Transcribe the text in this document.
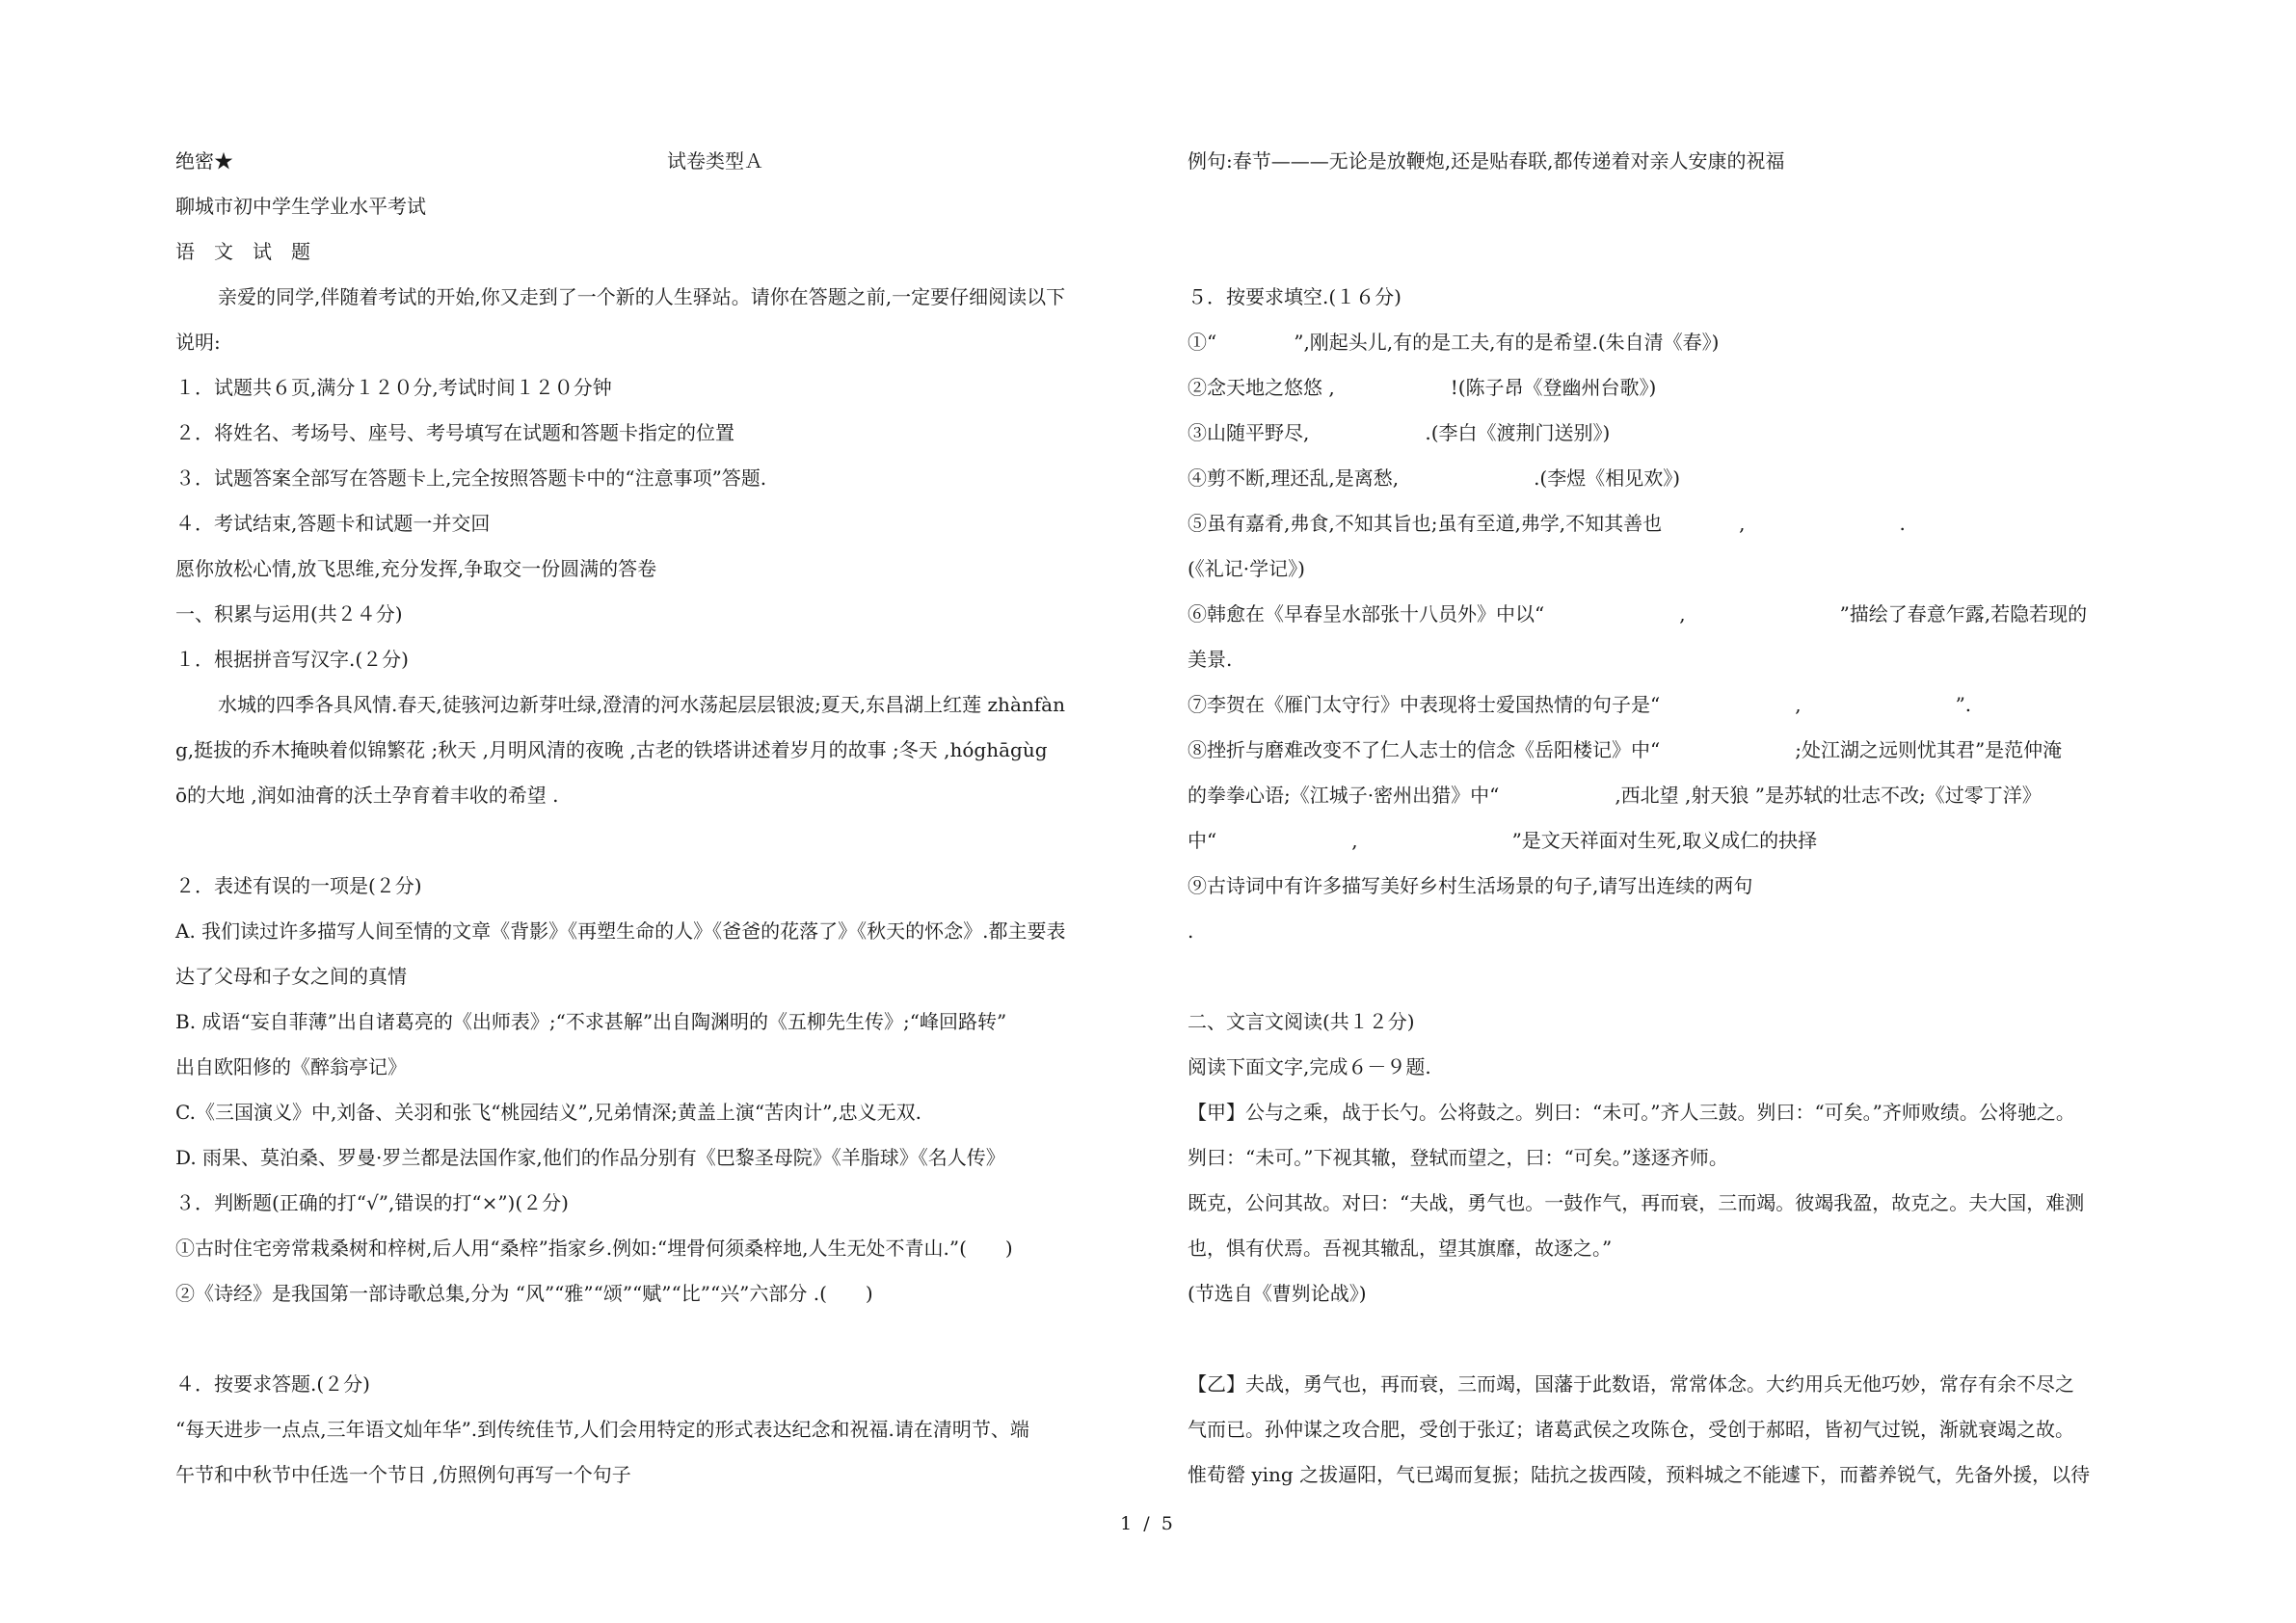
绝密★	试卷类型Ａ
聊城市初中学生学业水平考试
语　文　试　题
亲爱的同学,伴随着考试的开始,你又走到了一个新的人生驿站。请你在答题之前,一定要仔细阅读以下
说明:
１．试题共６页,满分１２０分,考试时间１２０分钟
２．将姓名、考场号、座号、考号填写在试题和答题卡指定的位置
３．试题答案全部写在答题卡上,完全按照答题卡中的“注意事项”答题.
４．考试结束,答题卡和试题一并交回
愿你放松心情,放飞思维,充分发挥,争取交一份圆满的答卷
一、积累与运用(共２４分)
１．根据拼音写汉字.(２分)
水城的四季各具风情.春天,徒骇河边新芽吐绿,澄清的河水荡起层层银波;夏天,东昌湖上红莲 zhànfàn
g,挺拔的乔木掩映着似锦繁花 ;秋天 ,月明风清的夜晚 ,古老的铁塔讲述着岁月的故事 ;冬天 ,hóghāgùg
ō的大地 ,润如油膏的沃土孕育着丰收的希望 .
２．表述有误的一项是(２分)
A. 我们读过许多描写人间至情的文章《背影》《再塑生命的人》《爸爸的花落了》《秋天的怀念》.都主要表
达了父母和子女之间的真情
B. 成语“妄自菲薄”出自诸葛亮的《出师表》;“不求甚解”出自陶渊明的《五柳先生传》;“峰回路转”
出自欧阳修的《醉翁亭记》
C.《三国演义》中,刘备、关羽和张飞“桃园结义”,兄弟情深;黄盖上演“苦肉计”,忠义无双.
D. 雨果、莫泊桑、罗曼·罗兰都是法国作家,他们的作品分别有《巴黎圣母院》《羊脂球》《名人传》
３．判断题(正确的打“√”,错误的打“×”)(２分)
①古时住宅旁常栽桑树和梓树,后人用“桑梓”指家乡.例如:“埋骨何须桑梓地,人生无处不青山.”(　　)
②《诗经》是我国第一部诗歌总集,分为 “风”“雅”“颂”“赋”“比”“兴”六部分 .(　　)
４．按要求答题.(２分)
“每天进步一点点,三年语文灿年华”.到传统佳节,人们会用特定的形式表达纪念和祝福.请在清明节、端
午节和中秋节中任选一个节日 ,仿照例句再写一个句子
例句:春节———无论是放鞭炮,还是贴春联,都传递着对亲人安康的祝福
５．按要求填空.(１６分)
①“　　　　”,刚起头儿,有的是工夫,有的是希望.(朱自清《春》)
②念天地之悠悠 ,　　　　　　!(陈子昂《登幽州台歌》)
③山随平野尽,　　　　　　.(李白《渡荆门送别》)
④剪不断,理还乱,是离愁,　　　　　　　.(李煜《相见欢》)
⑤虽有嘉肴,弗食,不知其旨也;虽有至道,弗学,不知其善也　　　　,　　　　　　　　.
(《礼记·学记》)
⑥韩愈在《早春呈水部张十八员外》中以“　　　　　　　,　　　　　　　　”描绘了春意乍露,若隐若现的
美景.
⑦李贺在《雁门太守行》中表现将士爱国热情的句子是“　　　　　　　,　　　　　　　　”.
⑧挫折与磨难改变不了仁人志士的信念《岳阳楼记》中“　　　　　　　;处江湖之远则忧其君”是范仲淹
的拳拳心语;《江城子·密州出猎》中“　　　　　　,西北望 ,射天狼 ”是苏轼的壮志不改;《过零丁洋》
中“　　　　　　　,　　　　　　　　”是文天祥面对生死,取义成仁的抉择
⑨古诗词中有许多描写美好乡村生活场景的句子,请写出连续的两句
.
二、文言文阅读(共１２分)
阅读下面文字,完成６－９题.
【甲】公与之乘，战于长勺。公将鼓之。刿曰：“未可。”齐人三鼓。刿曰：“可矣。”齐师败绩。公将驰之。
刿曰：“未可。”下视其辙，登轼而望之，曰：“可矣。”遂逐齐师。
既克，公问其故。对曰：“夫战，勇气也。一鼓作气，再而衰，三而竭。彼竭我盈，故克之。夫大国，难测
也，惧有伏焉。吾视其辙乱，望其旗靡，故逐之。”
(节选自《曹刿论战》)
【乙】夫战，勇气也，再而衰，三而竭，国藩于此数语，常常体念。大约用兵无他巧妙，常存有余不尽之
气而已。孙仲谋之攻合肥，受创于张辽；诸葛武侯之攻陈仓，受创于郝昭，皆初气过锐，渐就衰竭之故。
惟荀罃 ying 之拔逼阳，气已竭而复振；陆抗之拔西陵，预料城之不能遽下，而蓄养锐气，先备外援，以待
1 / 5
